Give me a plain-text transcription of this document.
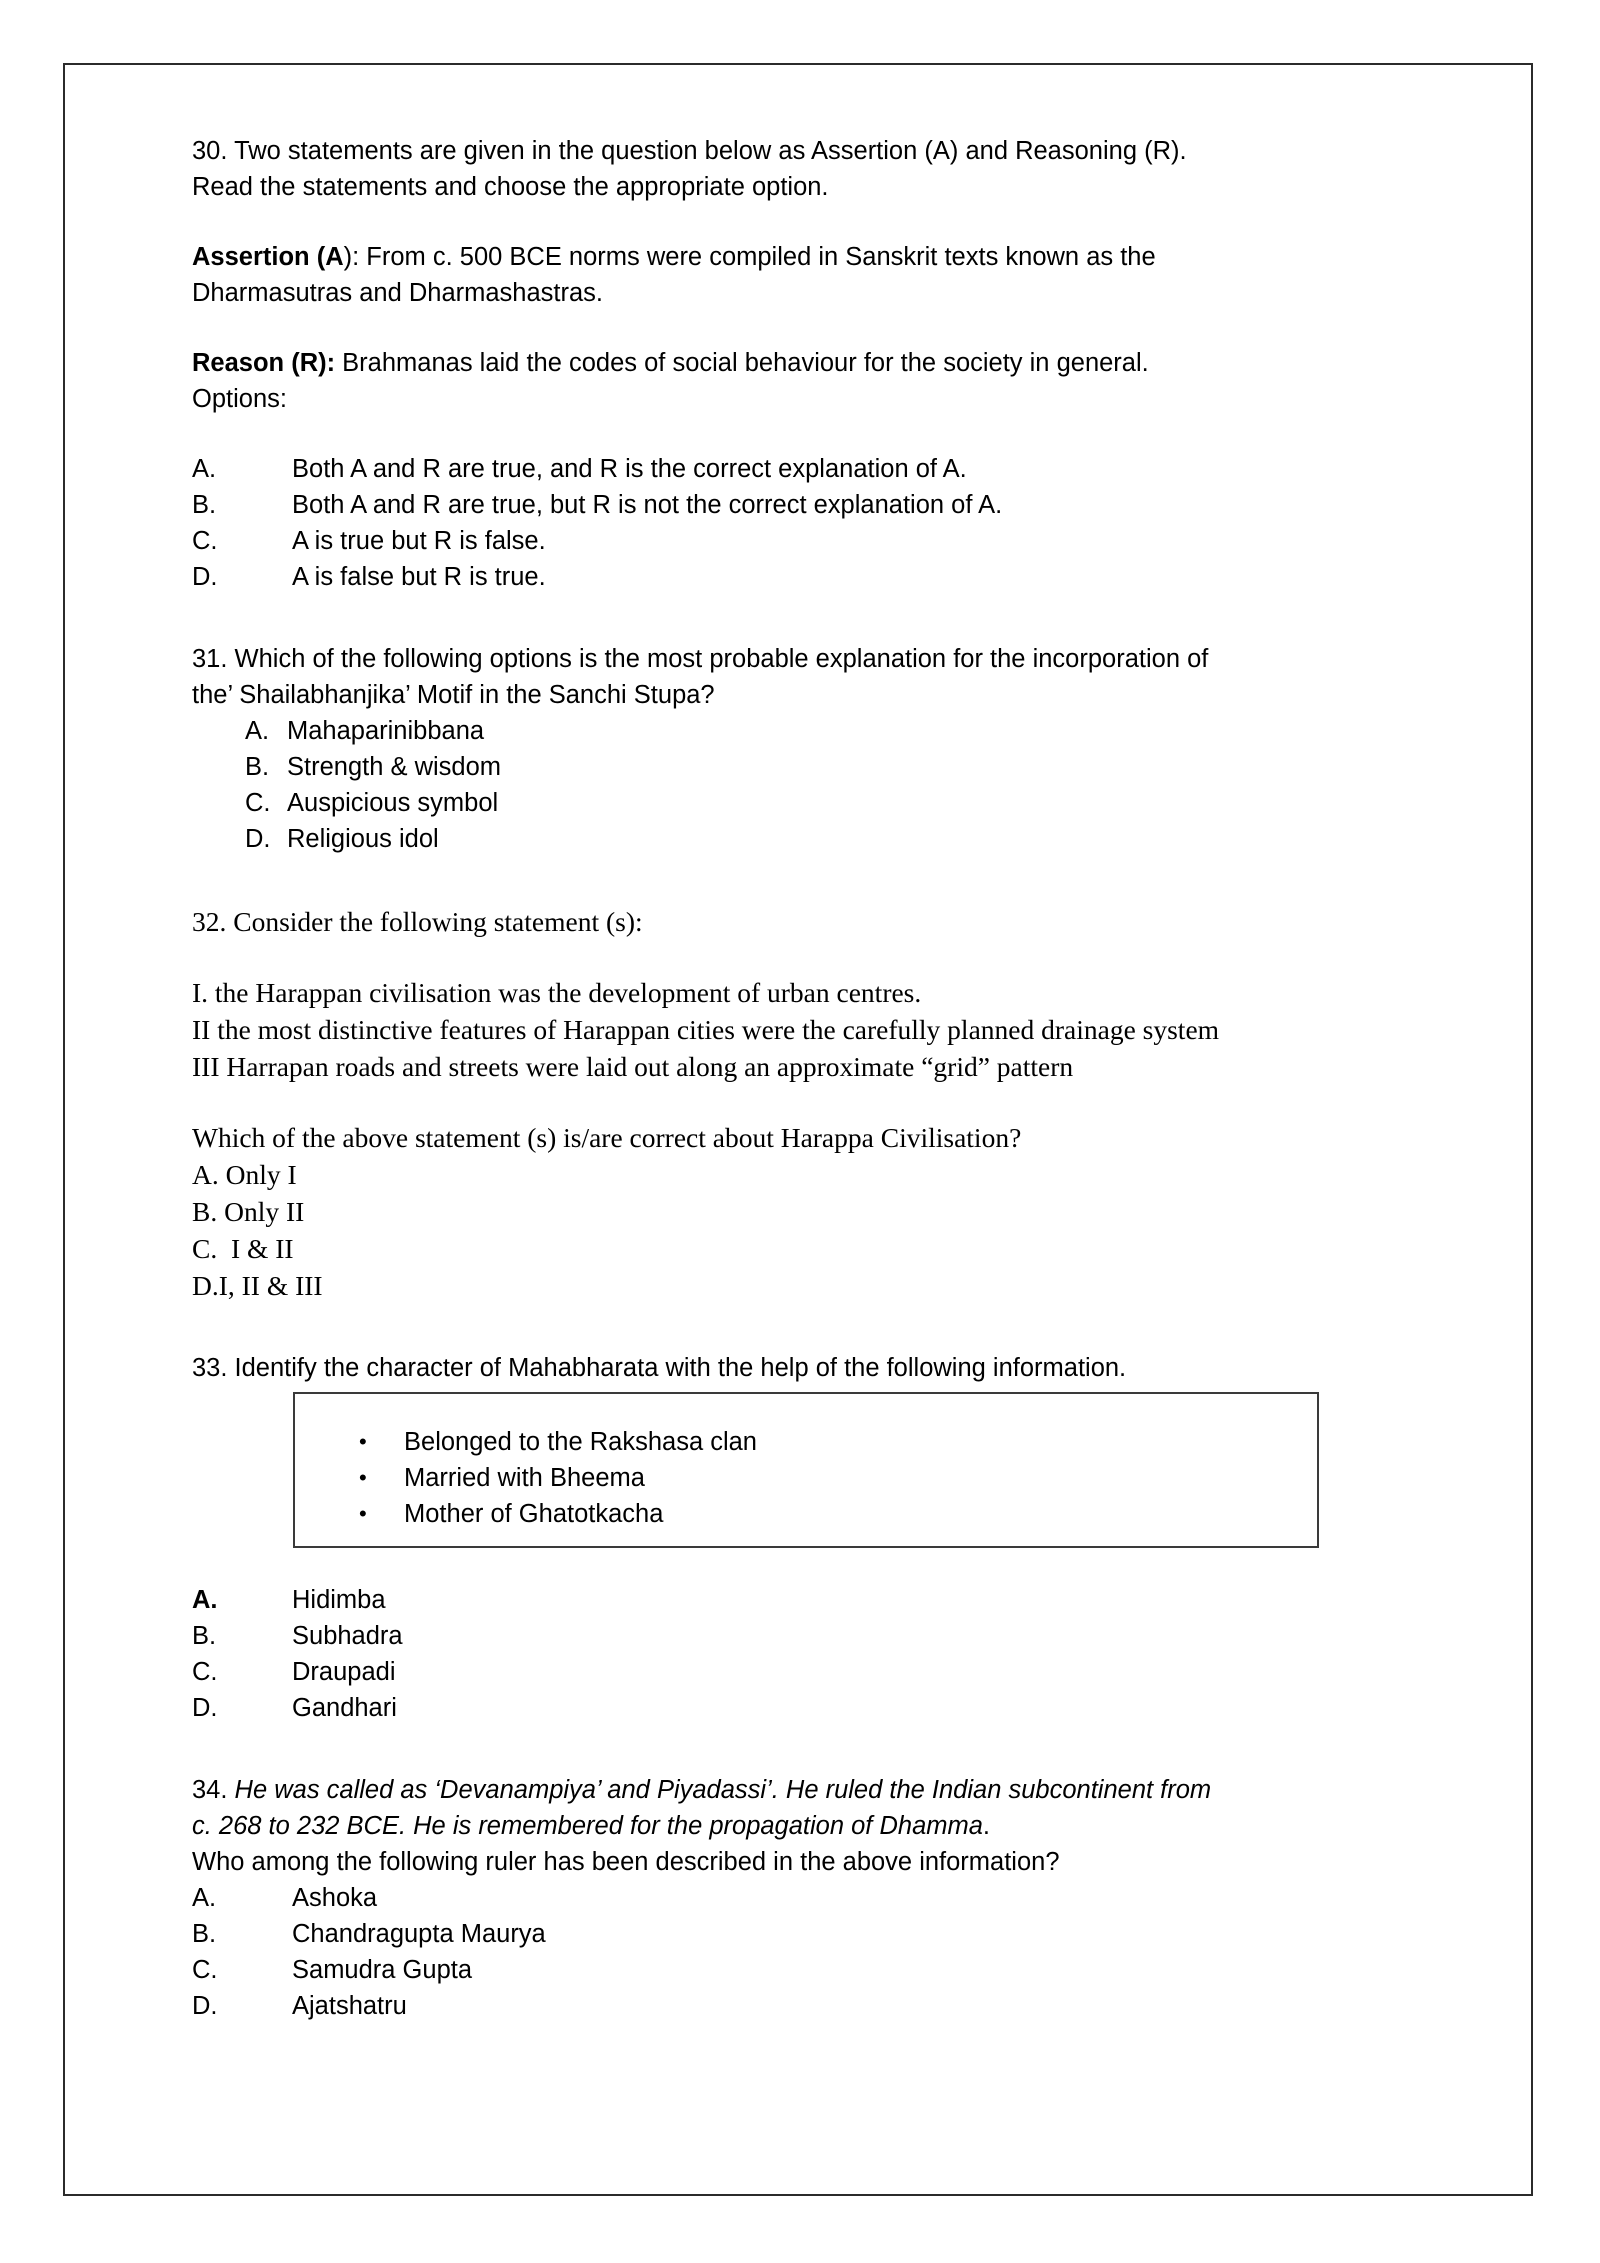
30. Two statements are given in the question below as Assertion (A) and Reasoning (R).

Read the statements and choose the appropriate option.

Assertion (A): From c. 500 BCE norms were compiled in Sanskrit texts known as the

Dharmasutras and Dharmashastras.

Reason (R): Brahmanas laid the codes of social behaviour for the society in general.

Options:

A.	Both A and R are true, and R is the correct explanation of A.
B.	Both A and R are true, but R is not the correct explanation of A.
C.	A is true but R is false.
D.	A is false but R is true.

31. Which of the following options is the most probable explanation for the incorporation of

the’ Shailabhanjika’ Motif in the Sanchi Stupa?

A. Mahaparinibbana
B. Strength & wisdom
C. Auspicious symbol
D. Religious idol

32. Consider the following statement (s):

I. the Harappan civilisation was the development of urban centres.

II the most distinctive features of Harappan cities were the carefully planned drainage system

III Harrapan roads and streets were laid out along an approximate “grid” pattern

Which of the above statement (s) is/are correct about Harappa Civilisation?

A. Only I
B. Only II
C.  I & II
D.I, II & III

33. Identify the character of Mahabharata with the help of the following information.

•	Belonged to the Rakshasa clan
•	Married with Bheema
•	Mother of Ghatotkacha
A.	Hidimba
B.	Subhadra
C.	Draupadi
D.	Gandhari

34. He was called as ‘Devanampiya’ and Piyadassi’. He ruled the Indian subcontinent from

c. 268 to 232 BCE. He is remembered for the propagation of Dhamma.

Who among the following ruler has been described in the above information?

A.	Ashoka
B.	Chandragupta Maurya
C.	Samudra Gupta
D.	Ajatshatru
